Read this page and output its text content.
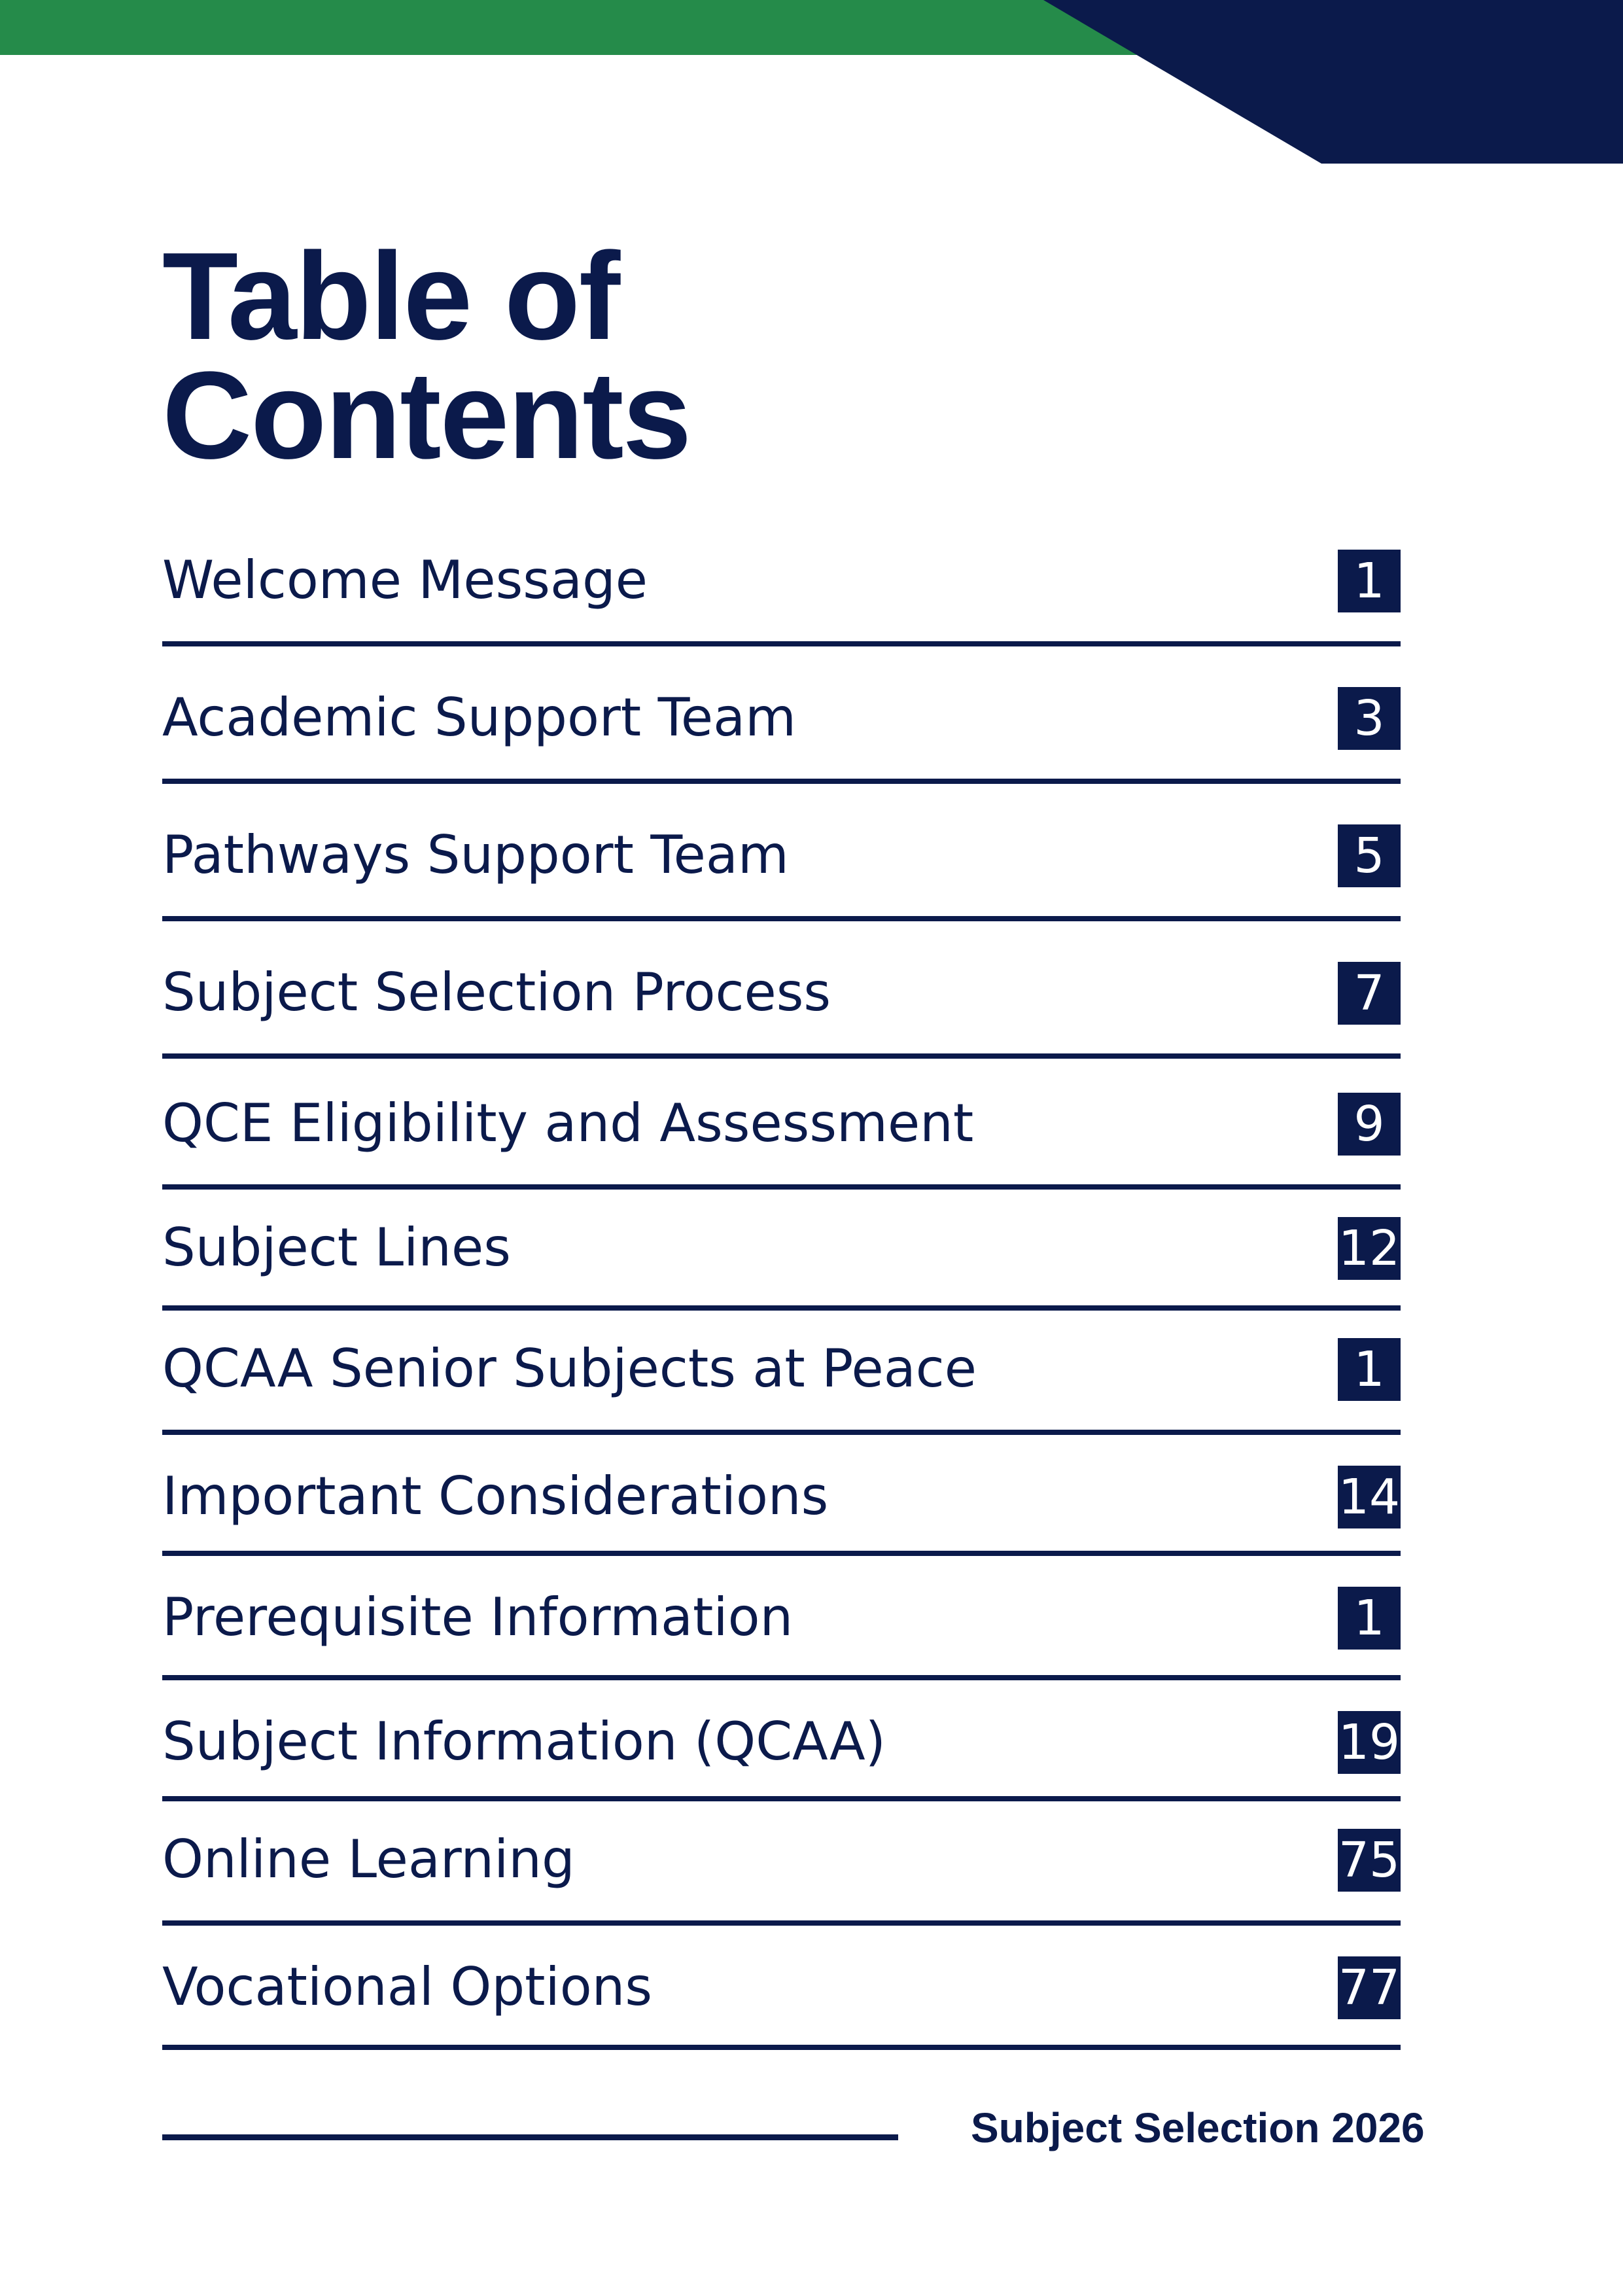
Table of
Contents
Welcome Message	1
Academic Support Team	3
Pathways Support Team	5
Subject Selection Process	7
QCE Eligibility and Assessment	9
Subject Lines	12
QCAA Senior Subjects at Peace	1
Important Considerations	14
Prerequisite Information	1
Subject Information (QCAA)	19
Online Learning	75
Vocational Options	77
Subject Selection 2026
